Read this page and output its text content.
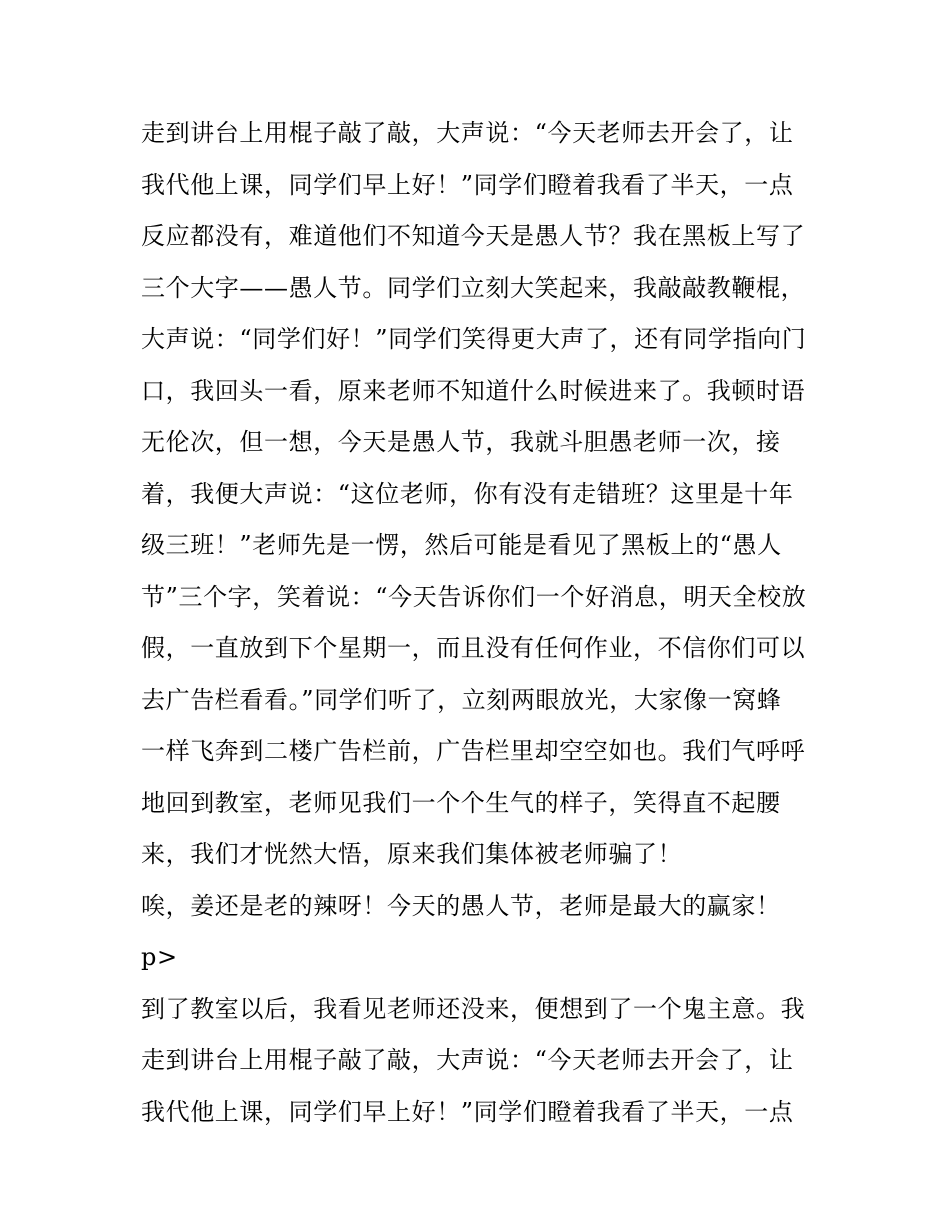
走到讲台上用棍子敲了敲，大声说：“今天老师去开会了，让
我代他上课，同学们早上好！”同学们瞪着我看了半天，一点
反应都没有，难道他们不知道今天是愚人节？我在黑板上写了
三个大字——愚人节。同学们立刻大笑起来，我敲敲教鞭棍，
大声说：“同学们好！”同学们笑得更大声了，还有同学指向门
口，我回头一看，原来老师不知道什么时候进来了。我顿时语
无伦次，但一想，今天是愚人节，我就斗胆愚老师一次，接
着，我便大声说：“这位老师，你有没有走错班？这里是十年
级三班！”老师先是一愣，然后可能是看见了黑板上的“愚人
节”三个字，笑着说：“今天告诉你们一个好消息，明天全校放
假，一直放到下个星期一，而且没有任何作业，不信你们可以
去广告栏看看。”同学们听了，立刻两眼放光，大家像一窝蜂
一样飞奔到二楼广告栏前，广告栏里却空空如也。我们气呼呼
地回到教室，老师见我们一个个生气的样子，笑得直不起腰
来，我们才恍然大悟，原来我们集体被老师骗了！
唉，姜还是老的辣呀！今天的愚人节，老师是最大的赢家！
p>
到了教室以后，我看见老师还没来，便想到了一个鬼主意。我
走到讲台上用棍子敲了敲，大声说：“今天老师去开会了，让
我代他上课，同学们早上好！”同学们瞪着我看了半天，一点
